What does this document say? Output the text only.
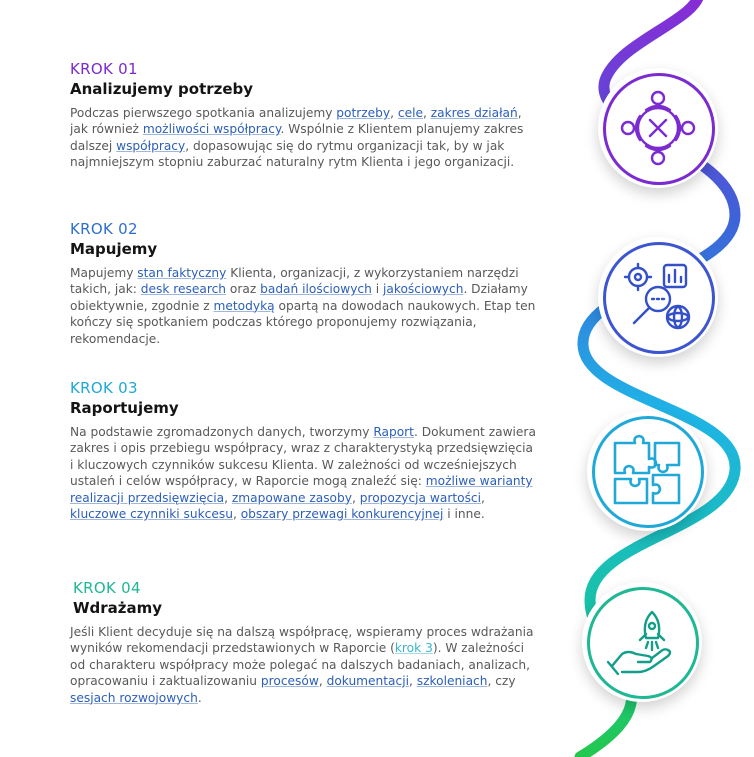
KROK 01

Analizujemy potrzeby

Podczas pierwszego spotkania analizujemy potrzeby, cele, zakres działań, jak również możliwości współpracy. Wspólnie z Klientem planujemy zakres dalszej współpracy, dopasowując się do rytmu organizacji tak, by w jak najmniejszym stopniu zaburzać naturalny rytm Klienta i jego organizacji.

KROK 02

Mapujemy

Mapujemy stan faktyczny Klienta, organizacji, z wykorzystaniem narzędzi takich, jak: desk research oraz badań ilościowych i jakościowych. Działamy obiektywnie, zgodnie z metodyką opartą na dowodach naukowych. Etap ten kończy się spotkaniem podczas którego proponujemy rozwiązania, rekomendacje.

KROK 03

Raportujemy

Na podstawie zgromadzonych danych, tworzymy Raport. Dokument zawiera zakres i opis przebiegu współpracy, wraz z charakterystyką przedsięwzięcia i kluczowych czynników sukcesu Klienta. W zależności od wcześniejszych ustaleń i celów współpracy, w Raporcie mogą znaleźć się: możliwe warianty realizacji przedsięwzięcia, zmapowane zasoby, propozycja wartości, kluczowe czynniki sukcesu, obszary przewagi konkurencyjnej i inne.

KROK 04

Wdrażamy

Jeśli Klient decyduje się na dalszą współpracę, wspieramy proces wdrażania wyników rekomendacji przedstawionych w Raporcie (krok 3). W zależności od charakteru współpracy może polegać na dalszych badaniach, analizach, opracowaniu i zaktualizowaniu procesów, dokumentacji, szkoleniach, czy sesjach rozwojowych.
